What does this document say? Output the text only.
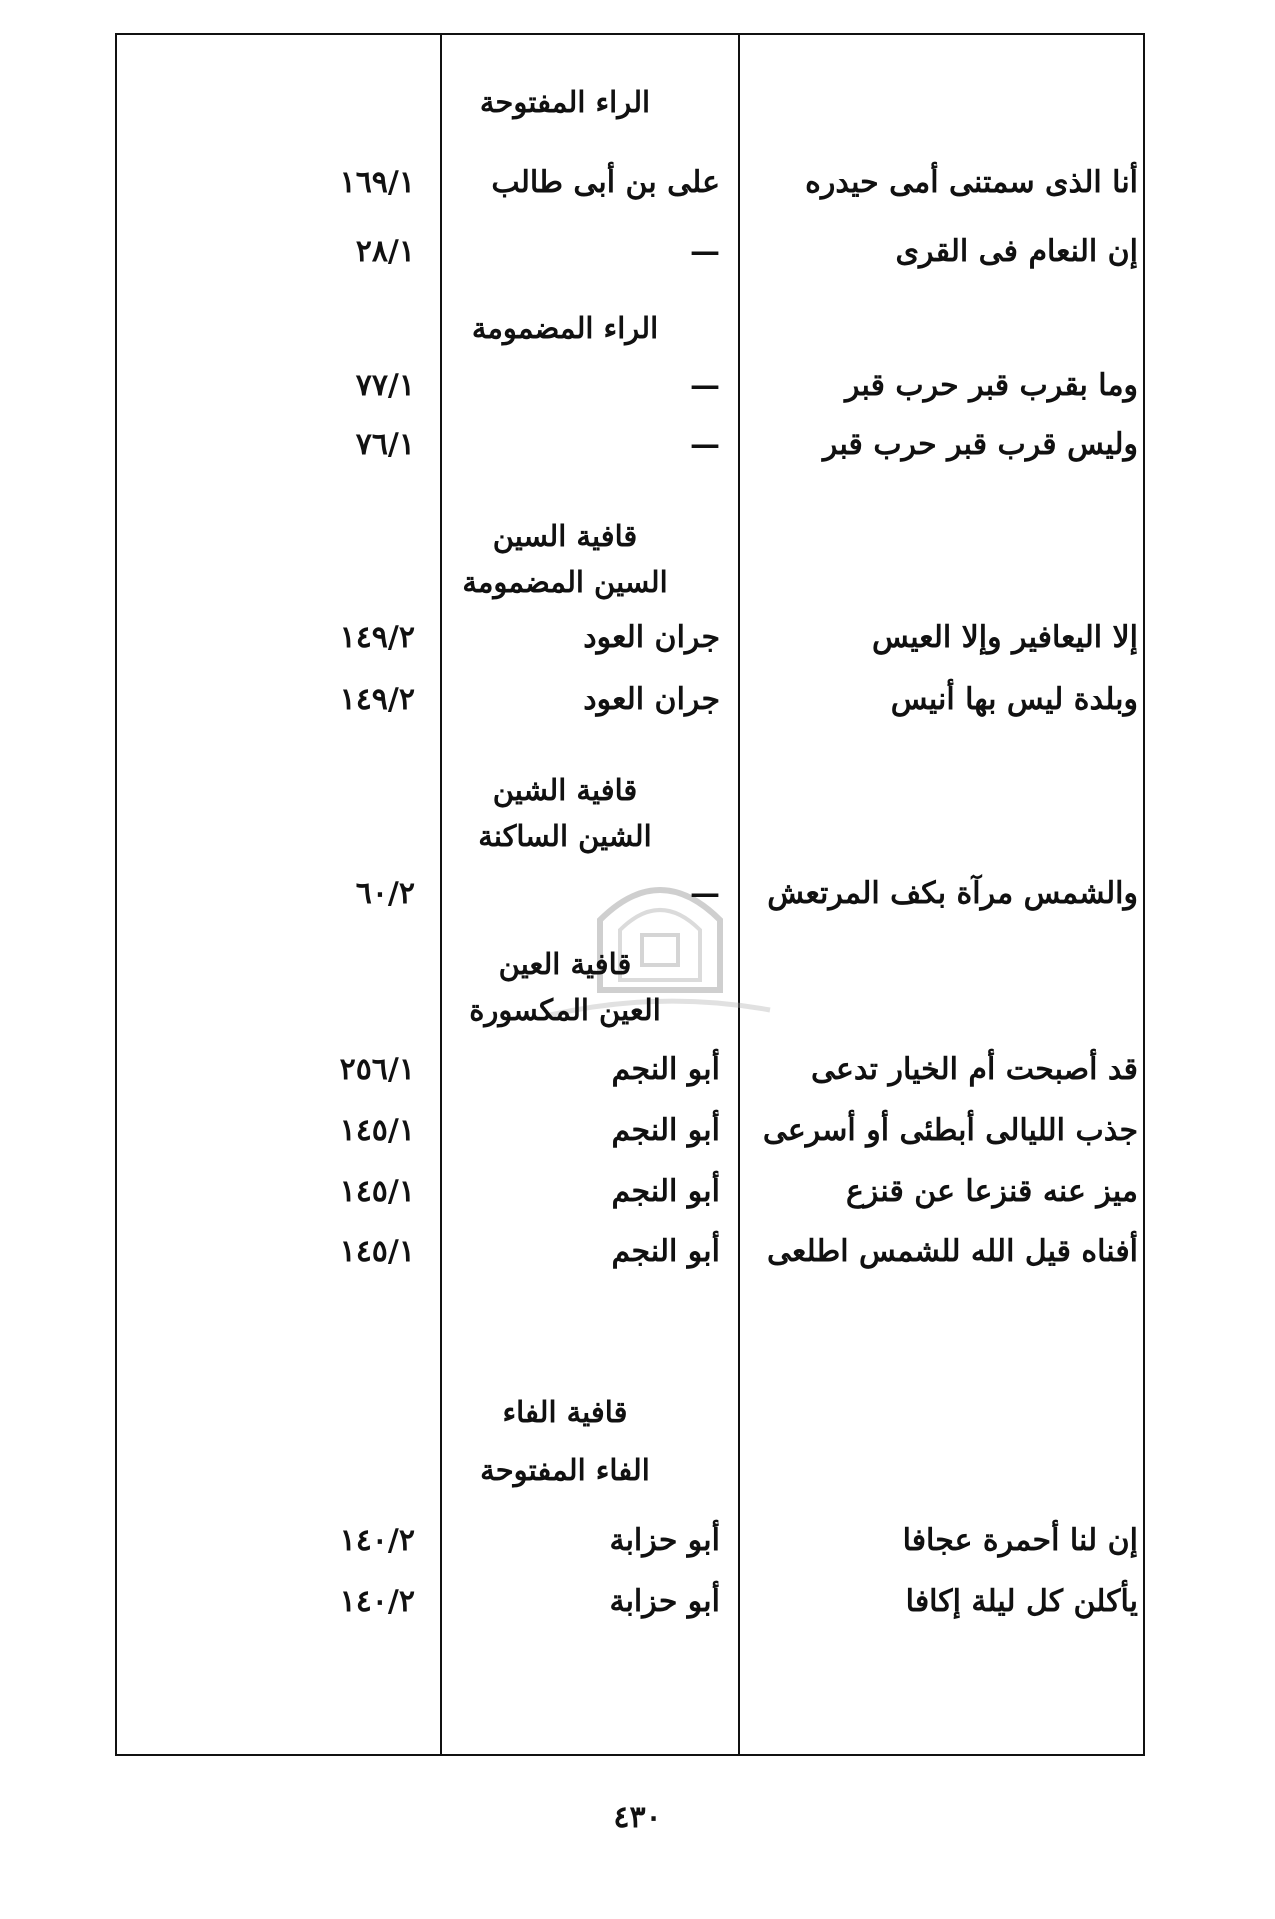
الراء المفتوحة
أنا الذى سمتنى أمى حيدره
على بن أبى طالب
١٦٩/١
إن النعام فى القرى
—
٢٨/١
الراء المضمومة
وما بقرب قبر حرب قبر
—
٧٧/١
وليس قرب قبر حرب قبر
—
٧٦/١
قافية السين
السين المضمومة
إلا اليعافير وإلا العيس
جران العود
١٤٩/٢
وبلدة ليس بها أنيس
جران العود
١٤٩/٢
قافية الشين
الشين الساكنة
والشمس مرآة بكف المرتعش
—
٦٠/٢
قافية العين
العين المكسورة
قد أصبحت أم الخيار تدعى
أبو النجم
٢٥٦/١
جذب الليالى أبطئى أو أسرعى
أبو النجم
١٤٥/١
ميز عنه قنزعا عن قنزع
أبو النجم
١٤٥/١
أفناه قيل الله للشمس اطلعى
أبو النجم
١٤٥/١
قافية الفاء
الفاء المفتوحة
إن لنا أحمرة عجافا
أبو حزابة
١٤٠/٢
يأكلن كل ليلة إكافا
أبو حزابة
١٤٠/٢
٤٣٠
